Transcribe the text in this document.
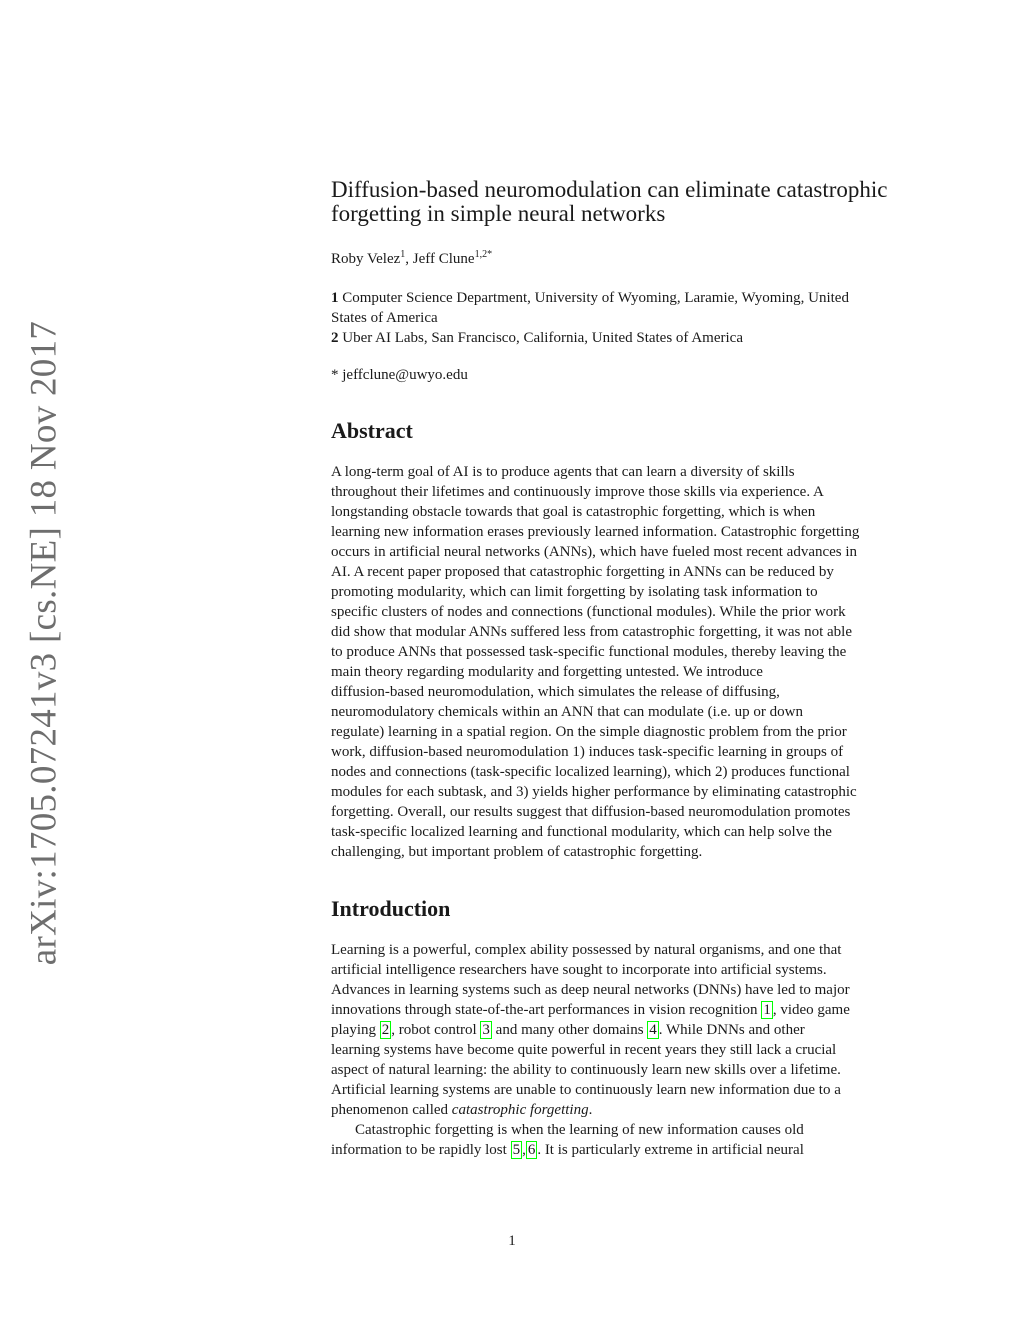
arXiv:1705.07241v3 [cs.NE] 18 Nov 2017
Diffusion-based neuromodulation can eliminate catastrophic
forgetting in simple neural networks
Roby Velez$^1$, Jeff Clune$^{1,2*}$
1 Computer Science Department, University of Wyoming, Laramie, Wyoming, United
States of America
2 Uber AI Labs, San Francisco, California, United States of America
* jeffclune@uwyo.edu
Abstract
A long-term goal of AI is to produce agents that can learn a diversity of skills
throughout their lifetimes and continuously improve those skills via experience. A
longstanding obstacle towards that goal is catastrophic forgetting, which is when
learning new information erases previously learned information. Catastrophic forgetting
occurs in artificial neural networks (ANNs), which have fueled most recent advances in
AI. A recent paper proposed that catastrophic forgetting in ANNs can be reduced by
promoting modularity, which can limit forgetting by isolating task information to
specific clusters of nodes and connections (functional modules). While the prior work
did show that modular ANNs suffered less from catastrophic forgetting, it was not able
to produce ANNs that possessed task-specific functional modules, thereby leaving the
main theory regarding modularity and forgetting untested. We introduce
diffusion-based neuromodulation, which simulates the release of diffusing,
neuromodulatory chemicals within an ANN that can modulate (i.e. up or down
regulate) learning in a spatial region. On the simple diagnostic problem from the prior
work, diffusion-based neuromodulation 1) induces task-specific learning in groups of
nodes and connections (task-specific localized learning), which 2) produces functional
modules for each subtask, and 3) yields higher performance by eliminating catastrophic
forgetting. Overall, our results suggest that diffusion-based neuromodulation promotes
task-specific localized learning and functional modularity, which can help solve the
challenging, but important problem of catastrophic forgetting.
Introduction
Learning is a powerful, complex ability possessed by natural organisms, and one that
artificial intelligence researchers have sought to incorporate into artificial systems.
Advances in learning systems such as deep neural networks (DNNs) have led to major
innovations through state-of-the-art performances in vision recognition 1 , video game
playing 2 , robot control 3 and many other domains 4 . While DNNs and other
learning systems have become quite powerful in recent years they still lack a crucial
aspect of natural learning: the ability to continuously learn new skills over a lifetime.
Artificial learning systems are unable to continuously learn new information due to a
phenomenon called catastrophic forgetting.
Catastrophic forgetting is when the learning of new information causes old
information to be rapidly lost 5 , 6 . It is particularly extreme in artificial neural
1
